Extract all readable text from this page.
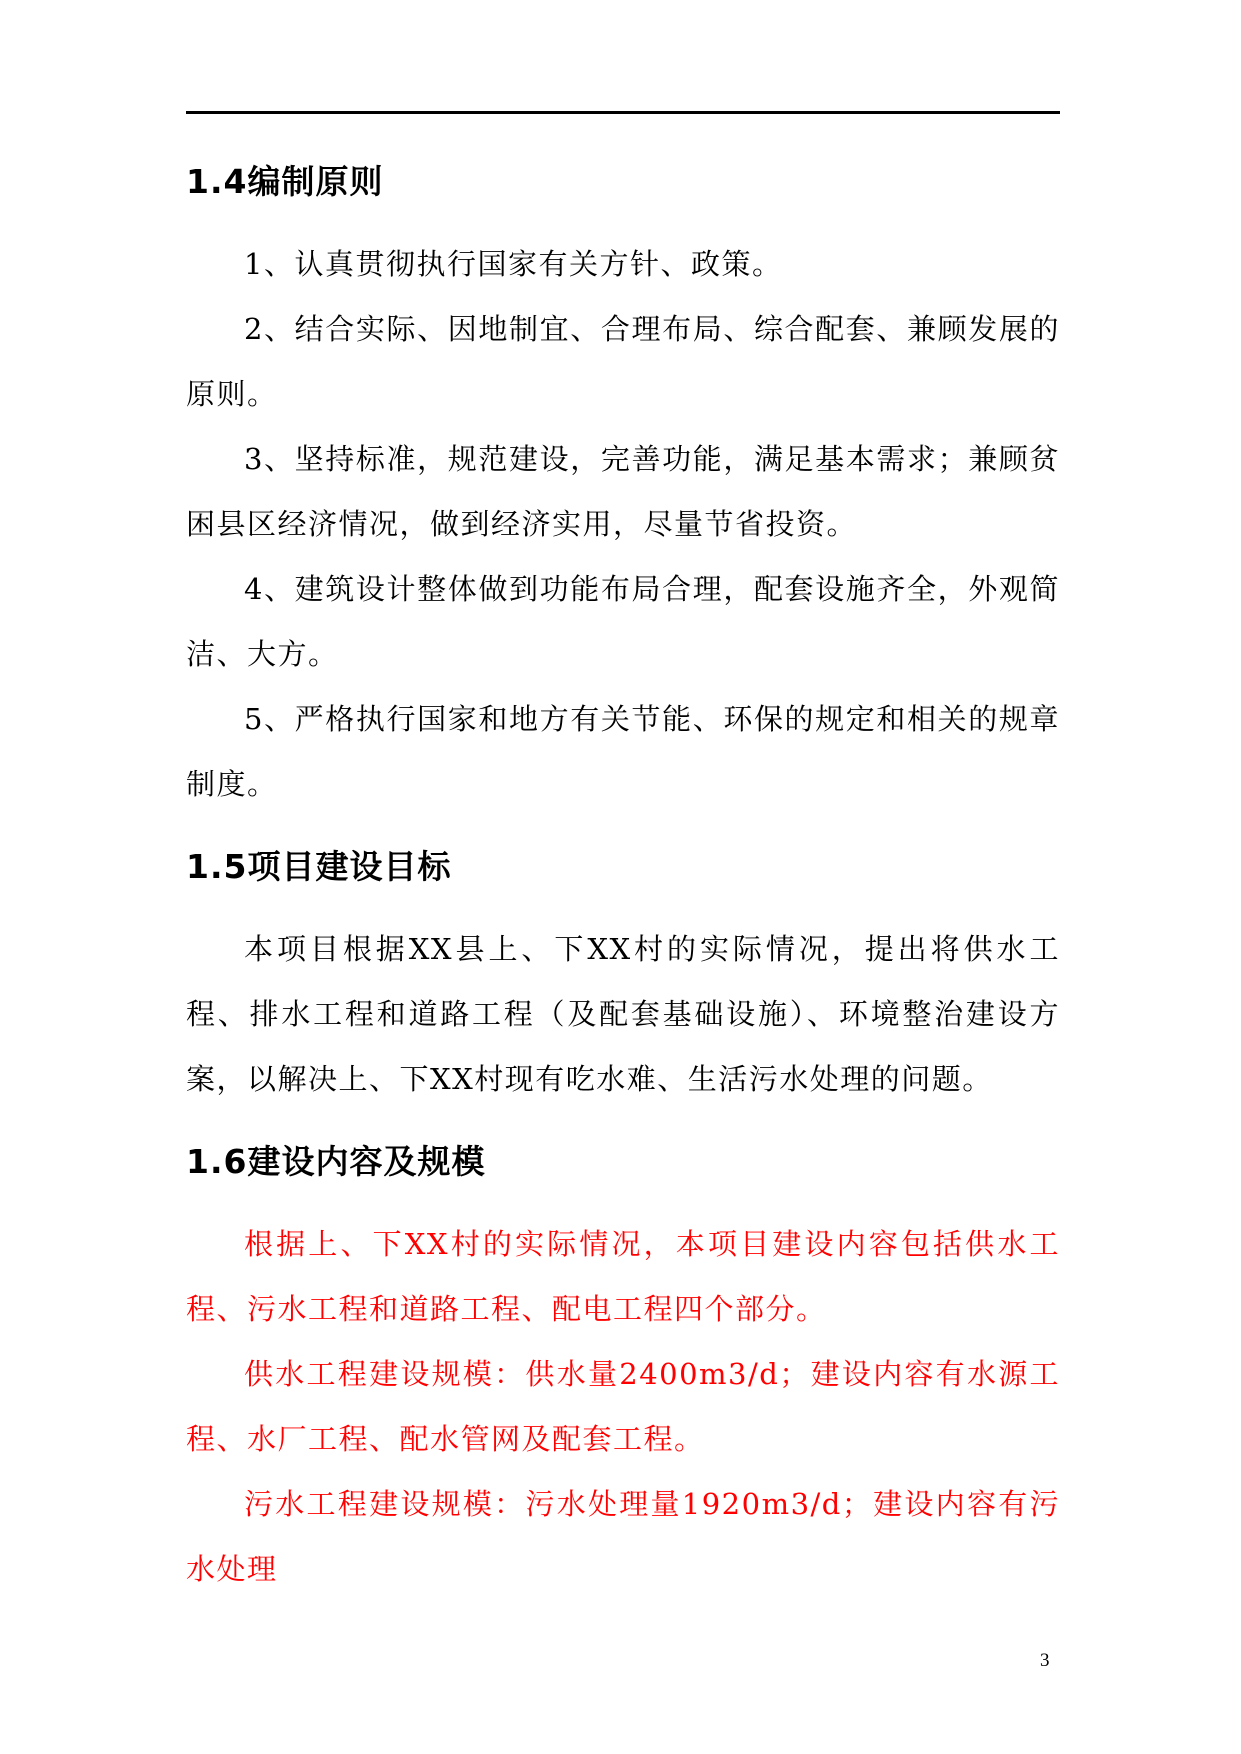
1.4编制原则

1、认真贯彻执行国家有关方针、政策。

2、结合实际、因地制宜、合理布局、综合配套、兼顾发展的原则。

3、坚持标准，规范建设，完善功能，满足基本需求；兼顾贫困县区经济情况，做到经济实用，尽量节省投资。

4、建筑设计整体做到功能布局合理，配套设施齐全，外观简洁、大方。

5、严格执行国家和地方有关节能、环保的规定和相关的规章制度。

1.5项目建设目标

本项目根据XX县上、下XX村的实际情况，提出将供水工程、排水工程和道路工程（及配套基础设施）、环境整治建设方案，以解决上、下XX村现有吃水难、生活污水处理的问题。

1.6建设内容及规模

根据上、下XX村的实际情况，本项目建设内容包括供水工程、污水工程和道路工程、配电工程四个部分。

供水工程建设规模：供水量2400m3/d；建设内容有水源工程、水厂工程、配水管网及配套工程。

污水工程建设规模：污水处理量1920m3/d；建设内容有污水处理

3
